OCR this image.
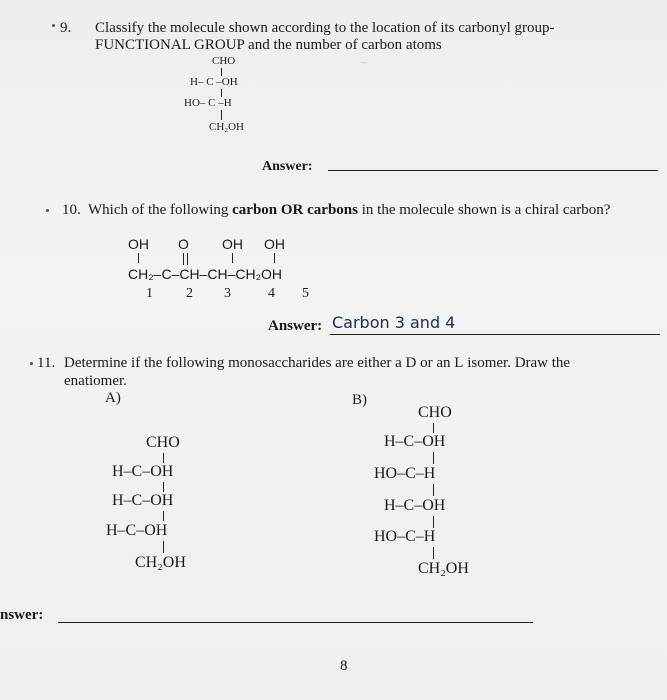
~
9. Classify the molecule shown according to the location of its carbonyl group-
FUNCTIONAL GROUP and the number of carbon atoms
CHO
H– C –OH
HO– C –H
CH₂OH
Answer:
10. Which of the following carbon OR carbons in the molecule shown is a chiral carbon?
OH O OH OH
CH₂–C–CH–CH–CH₂OH
1 2 3	4 5
Answer: Carbon 3 and 4
11. Determine if the following monosaccharides are either a D or an L isomer. Draw the
enatiomer.
A)	B)
CHO
H–C–OH
H–C–OH
H–C–OH
CH₂OH
CHO
H–C–OH
HO–C–H
H–C–OH
HO–C–H
CH₂OH
nswer:
8
